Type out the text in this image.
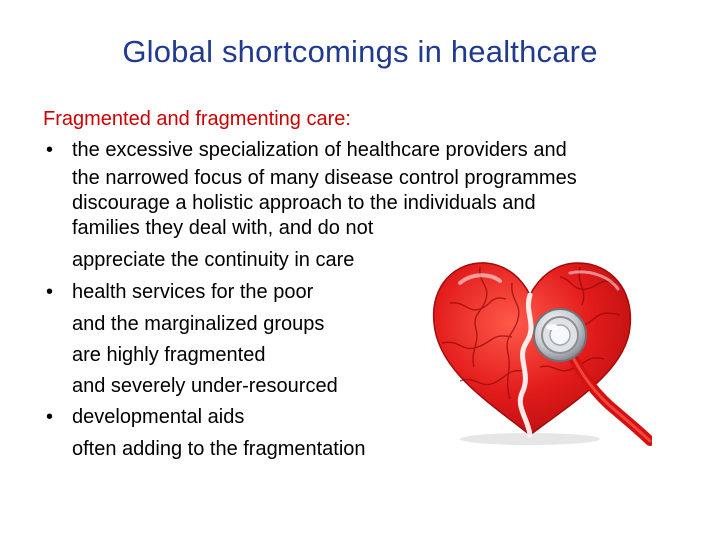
Global shortcomings in healthcare
Fragmented and fragmenting care:
• the excessive specialization of healthcare providers and
the narrowed focus of many disease control programmes
discourage a holistic approach to the individuals and
families they deal with, and do not
appreciate the continuity in care
• health services for the poor
and the marginalized groups
are highly fragmented
and severely under-resourced
• developmental aids
often adding to the fragmentation
